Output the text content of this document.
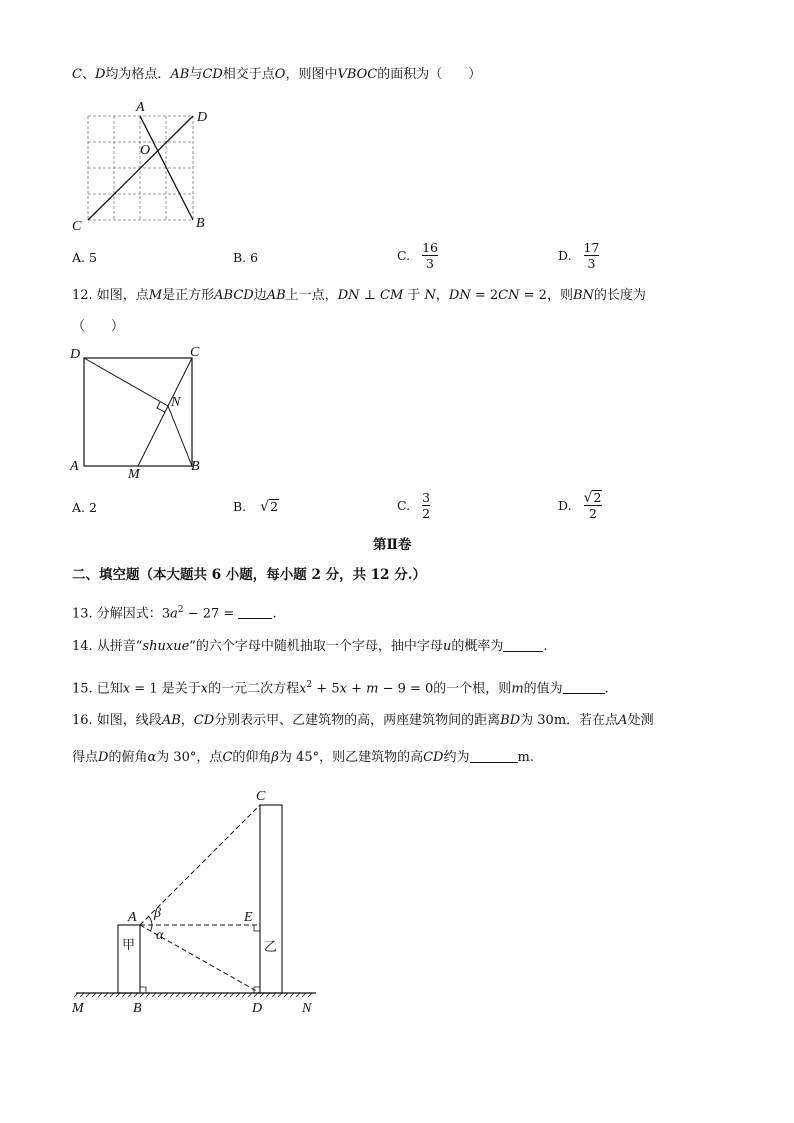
C、D均为格点．AB与CD相交于点O，则图中VBOC的面积为（　　）
A
D
O
C	B
A. 5	B. 6	C. $\frac{16}{3}$	D. $\frac{17}{3}$
12. 如图，点M是正方形ABCD边AB上一点，DN ⊥ CM 于 N，DN = 2CN = 2，则BN的长度为
（　　）
D	C
N
A
M
B
A. 2	B. √ 2	C. $\frac{3}{2}$	D. $\frac{√ 2}{2}$
第Ⅱ卷
二、填空题（本大题共 6 小题，每小题 2 分，共 12 分.）
13. 分解因式：$3a^2 - 27$ =	.
14. 从拼音“shuxue”的六个字母中随机抽取一个字母，抽中字母u的概率为	.
15. 已知x = 1 是关于x的一元二次方程$x^2 + 5x + m - 9 = 0$的一个根，则m的值为	.
16. 如图，线段AB，CD分别表示甲、乙建筑物的高，两座建筑物间的距离BD为 30m．若在点A处测
得点D的俯角α为 30°，点C的仰角β为 45°，则乙建筑物的高CD约为	m.
C
A	E
M	B	D	N
β
α
甲	乙
